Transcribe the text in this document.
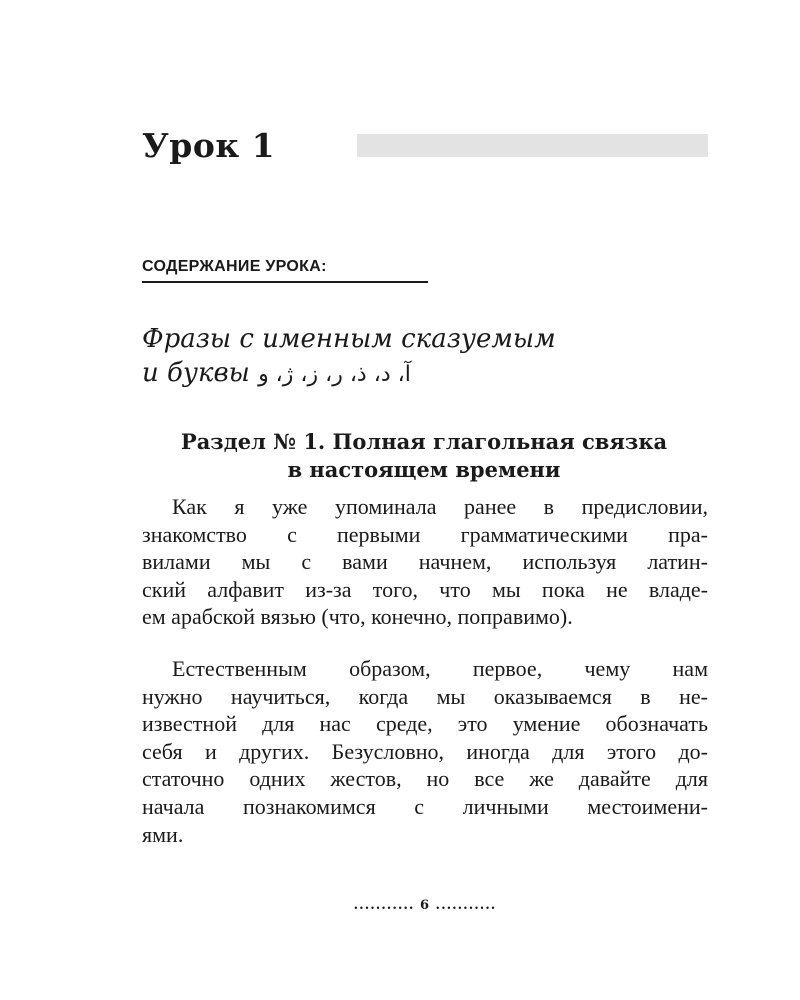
Урок 1
СОДЕРЖАНИЕ УРОКА:
Фразы с именным сказуемым
и буквы آ، د، ذ، ر، ز، ژ، و
Раздел № 1. Полная глагольная связка
в настоящем времени

Как я уже упоминала ранее в предисловии,
знакомство с первыми грамматическими пра-
вилами мы с вами начнем, используя латин-
ский алфавит из-за того, что мы пока не владе-
ем арабской вязью (что, конечно, поправимо).

Естественным образом, первое, чему нам
нужно научиться, когда мы оказываемся в не-
известной для нас среде, это умение обозначать
себя и других. Безусловно, иногда для этого до-
статочно одних жестов, но все же давайте для
начала познакомимся с личными местоимени-
ями.

........... 6 ...........
